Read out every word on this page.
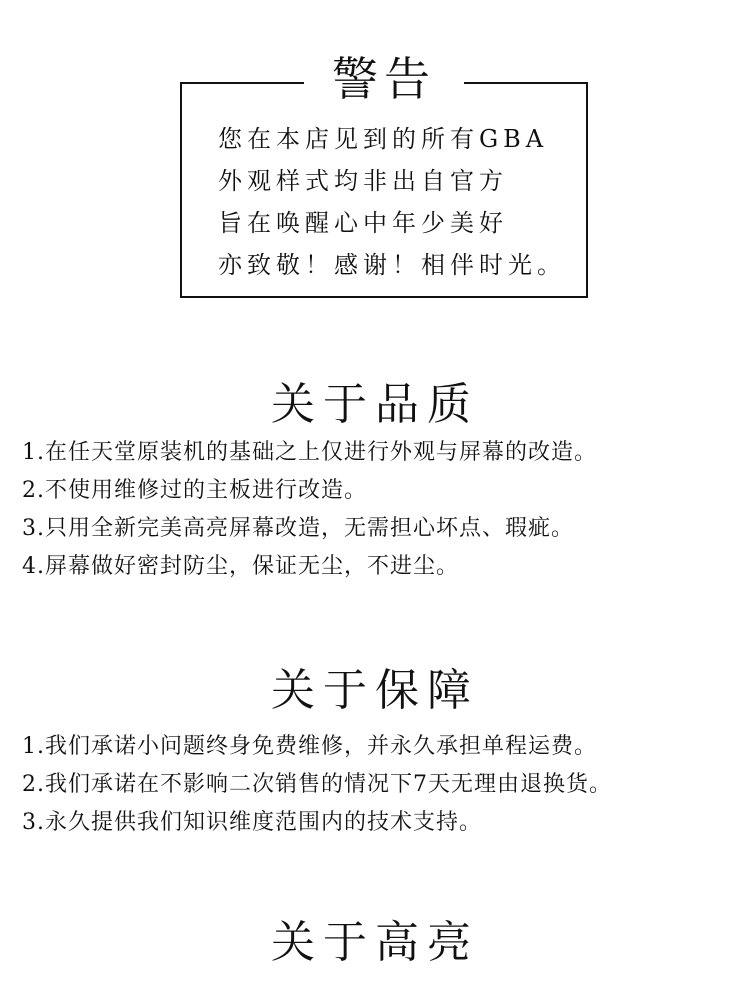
警告
您在本店见到的所有GBA
外观样式均非出自官方
旨在唤醒心中年少美好
亦致敬！感谢！相伴时光。
关于品质
1.在任天堂原装机的基础之上仅进行外观与屏幕的改造。
2.不使用维修过的主板进行改造。
3.只用全新完美高亮屏幕改造，无需担心坏点、瑕疵。
4.屏幕做好密封防尘，保证无尘，不进尘。
关于保障
1.我们承诺小问题终身免费维修，并永久承担单程运费。
2.我们承诺在不影响二次销售的情况下7天无理由退换货。
3.永久提供我们知识维度范围内的技术支持。
关于高亮
